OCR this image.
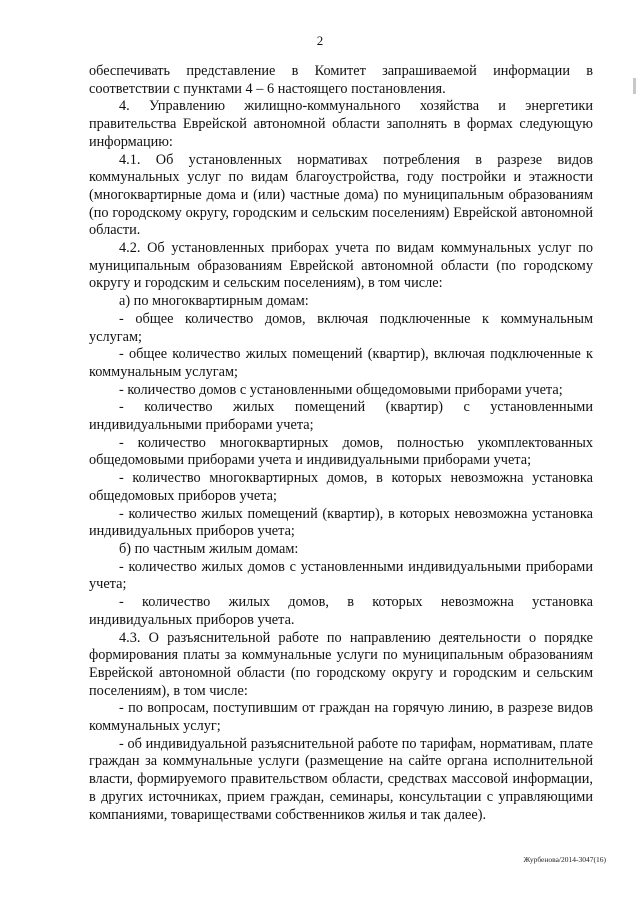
2

обеспечивать представление в Комитет запрашиваемой информации в соответствии с пунктами 4 – 6 настоящего постановления.

4. Управлению жилищно-коммунального хозяйства и энергетики правительства Еврейской автономной области заполнять в формах следующую информацию:

4.1. Об установленных нормативах потребления в разрезе видов коммунальных услуг по видам благоустройства, году постройки и этажности (многоквартирные дома и (или) частные дома) по муниципальным образованиям (по городскому округу, городским и сельским поселениям) Еврейской автономной области.

4.2. Об установленных приборах учета по видам коммунальных услуг по муниципальным образованиям Еврейской автономной области (по городскому округу и городским и сельским поселениям), в том числе:

а) по многоквартирным домам:

- общее количество домов, включая подключенные к коммунальным услугам;

- общее количество жилых помещений (квартир), включая подключенные к коммунальным услугам;

- количество домов с установленными общедомовыми приборами учета;

- количество жилых помещений (квартир) с установленными индивидуальными приборами учета;

- количество многоквартирных домов, полностью укомплектованных общедомовыми приборами учета и индивидуальными приборами учета;

- количество многоквартирных домов, в которых невозможна установка общедомовых приборов учета;

- количество жилых помещений (квартир), в которых невозможна установка индивидуальных приборов учета;

б) по частным жилым домам:

- количество жилых домов с установленными индивидуальными приборами учета;

- количество жилых домов, в которых невозможна установка индивидуальных приборов учета.

4.3. О разъяснительной работе по направлению деятельности о порядке формирования платы за коммунальные услуги по муниципальным образованиям Еврейской автономной области (по городскому округу и городским и сельским поселениям), в том числе:

- по вопросам, поступившим от граждан на горячую линию, в разрезе видов коммунальных услуг;

- об индивидуальной разъяснительной работе по тарифам, нормативам, плате граждан за коммунальные услуги (размещение на сайте органа исполнительной власти, формируемого правительством области, средствах массовой информации, в других источниках, прием граждан, семинары, консультации с управляющими компаниями, товариществами собственников жилья и так далее).

Журбенова/2014-3047(16)
